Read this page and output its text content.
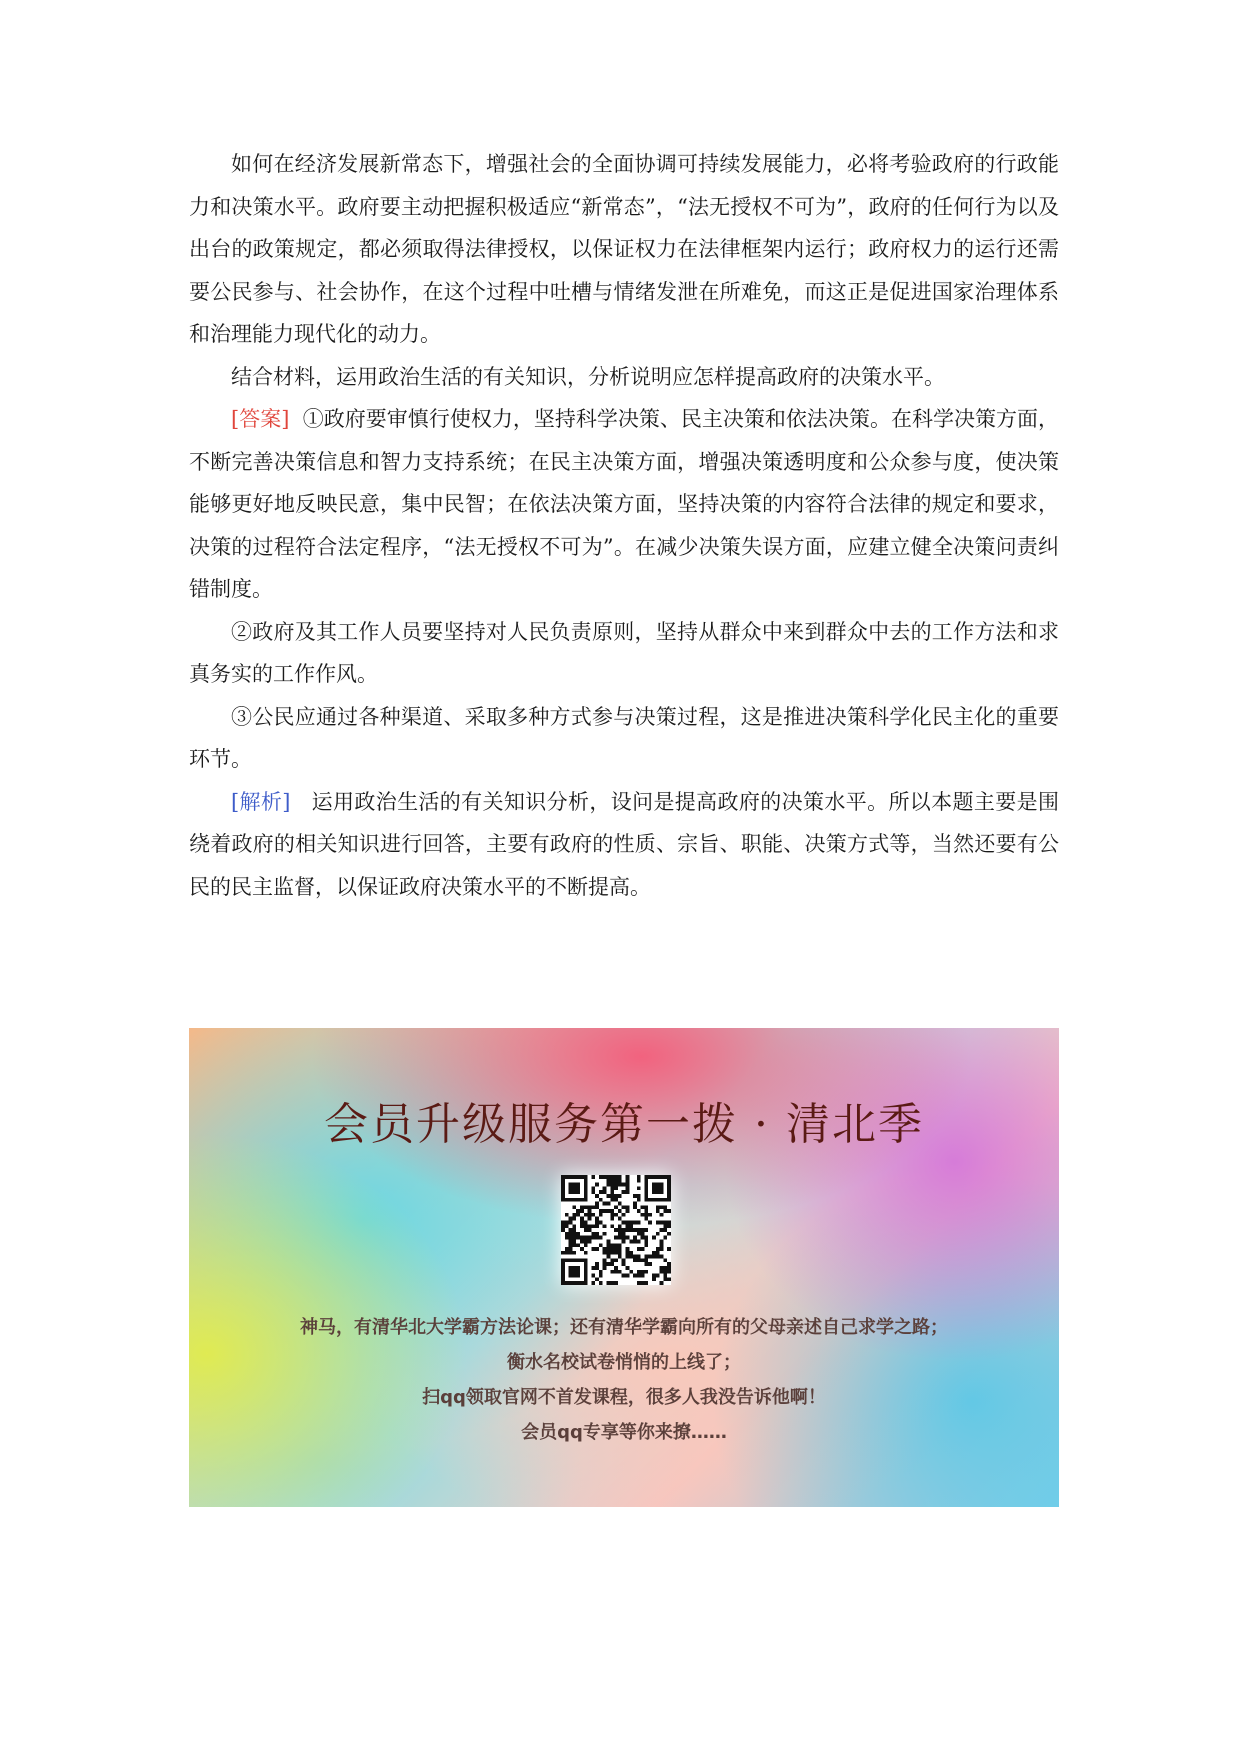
如何在经济发展新常态下，增强社会的全面协调可持续发展能力，必将考验政府的行政能力和决策水平。政府要主动把握积极适应“新常态”，“法无授权不可为”，政府的任何行为以及出台的政策规定，都必须取得法律授权，以保证权力在法律框架内运行；政府权力的运行还需要公民参与、社会协作，在这个过程中吐槽与情绪发泄在所难免，而这正是促进国家治理体系和治理能力现代化的动力。

结合材料，运用政治生活的有关知识，分析说明应怎样提高政府的决策水平。

[答案] ①政府要审慎行使权力，坚持科学决策、民主决策和依法决策。在科学决策方面，不断完善决策信息和智力支持系统；在民主决策方面，增强决策透明度和公众参与度，使决策能够更好地反映民意，集中民智；在依法决策方面，坚持决策的内容符合法律的规定和要求，决策的过程符合法定程序，“法无授权不可为”。在减少决策失误方面，应建立健全决策问责纠错制度。

②政府及其工作人员要坚持对人民负责原则，坚持从群众中来到群众中去的工作方法和求真务实的工作作风。

③公民应通过各种渠道、采取多种方式参与决策过程，这是推进决策科学化民主化的重要环节。

[解析] 运用政治生活的有关知识分析，设问是提高政府的决策水平。所以本题主要是围绕着政府的相关知识进行回答，主要有政府的性质、宗旨、职能、决策方式等，当然还要有公民的民主监督，以保证政府决策水平的不断提高。

会员升级服务第一拨 · 清北季
神马，有清华北大学霸方法论课；还有清华学霸向所有的父母亲述自己求学之路；
衡水名校试卷悄悄的上线了；
扫qq领取官网不首发课程，很多人我没告诉他啊！
会员qq专享等你来撩……
